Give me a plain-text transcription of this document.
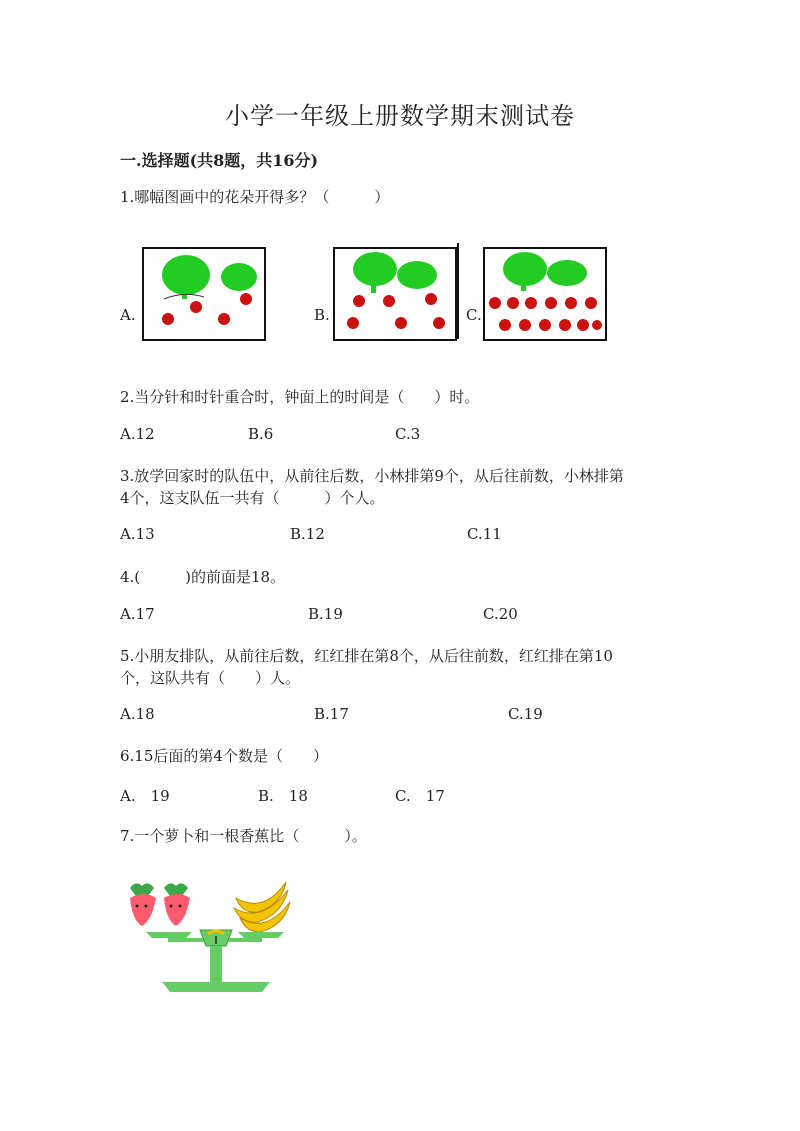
小学一年级上册数学期末测试卷
一.选择题(共8题，共16分)
1.哪幅图画中的花朵开得多？（　　　）
A.	B.	C.
2.当分针和时针重合时，钟面上的时间是（　　）时。
A.12	B.6	C.3
3.放学回家时的队伍中，从前往后数，小林排第9个，从后往前数，小林排第
4个，这支队伍一共有（　　　）个人。
A.13	B.12	C.11
4.(　　　)的前面是18。
A.17	B.19	C.20
5.小朋友排队，从前往后数，红红排在第8个，从后往前数，红红排在第10
个，这队共有（　　）人。
A.18	B.17	C.19
6.15后面的第4个数是（　　）
A.　19	B.　18	C.　17
7.一个萝卜和一根香蕉比（　　　）。
